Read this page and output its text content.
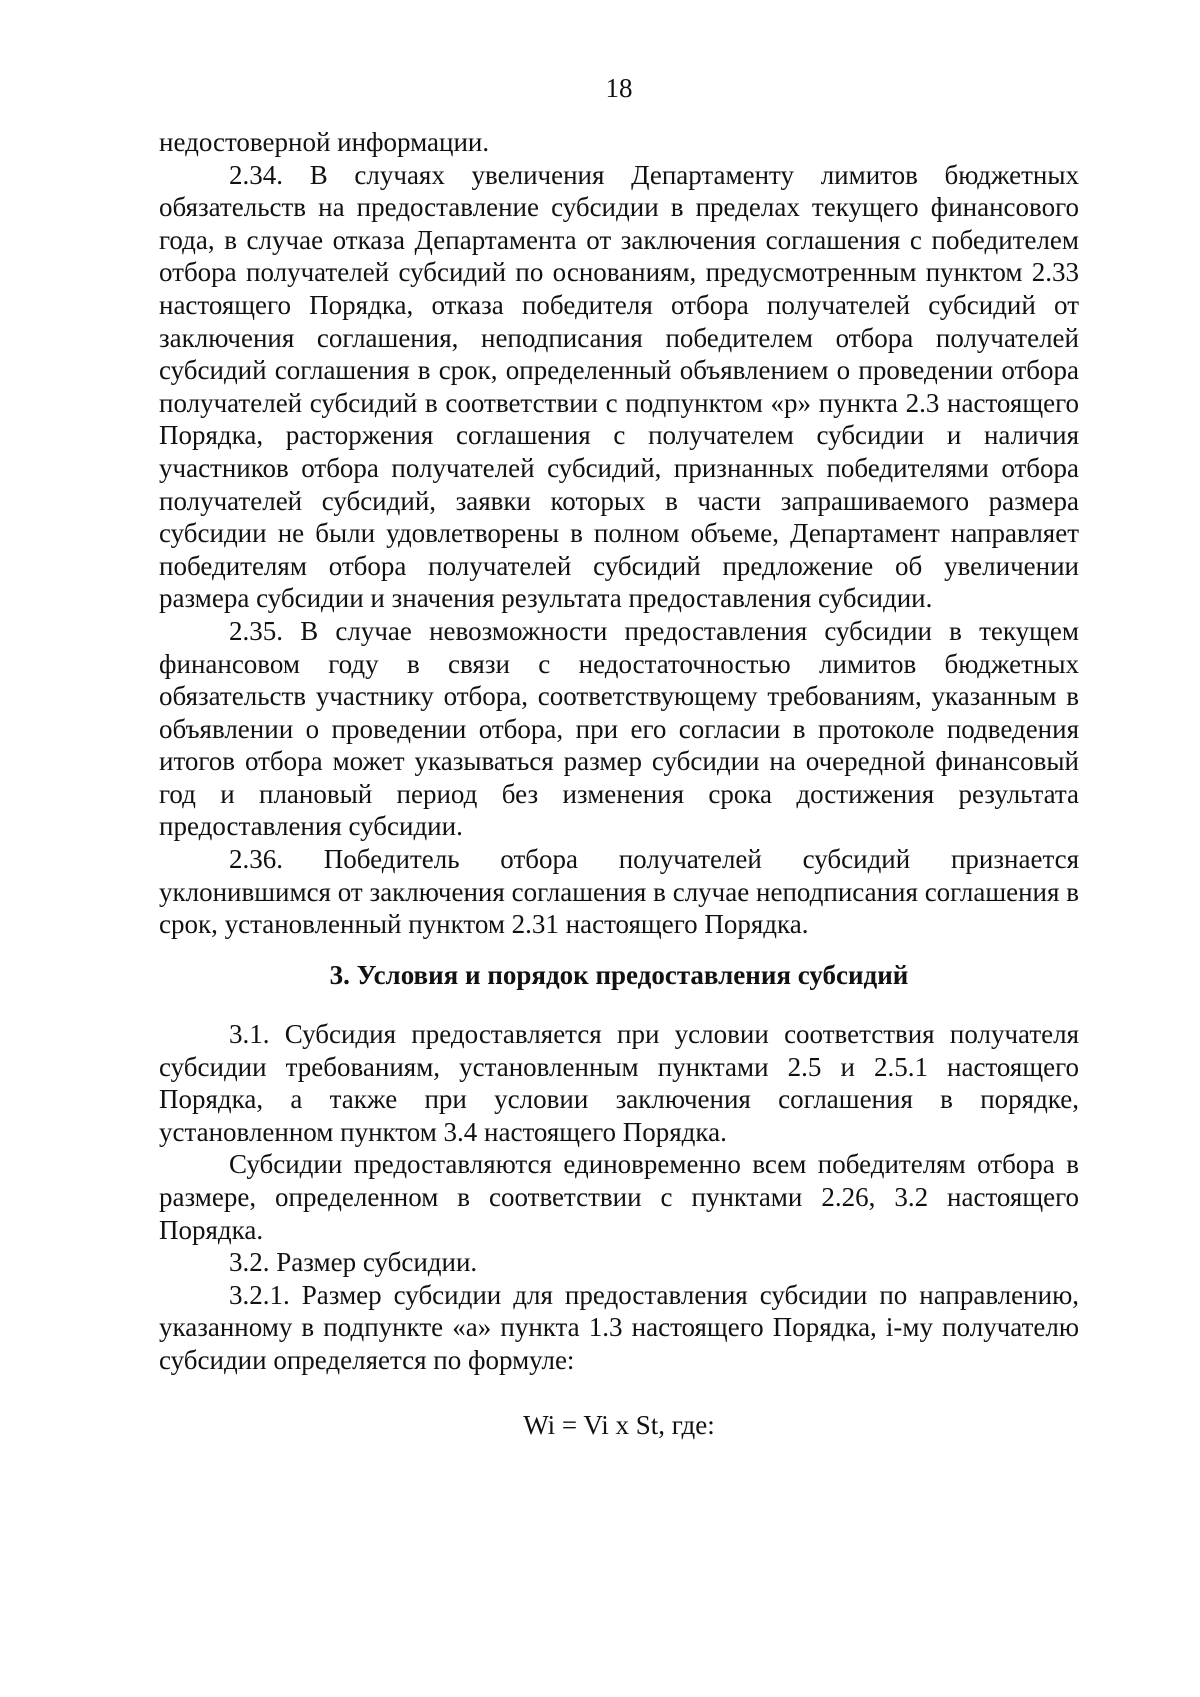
18

недостоверной информации.

2.34. В случаях увеличения Департаменту лимитов бюджетных обязательств на предоставление субсидии в пределах текущего финансового года, в случае отказа Департамента от заключения соглашения с победителем отбора получателей субсидий по основаниям, предусмотренным пунктом 2.33 настоящего Порядка, отказа победителя отбора получателей субсидий от заключения соглашения, неподписания победителем отбора получателей субсидий соглашения в срок, определенный объявлением о проведении отбора получателей субсидий в соответствии с подпунктом «р» пункта 2.3 настоящего Порядка, расторжения соглашения с получателем субсидии и наличия участников отбора получателей субсидий, признанных победителями отбора получателей субсидий, заявки которых в части запрашиваемого размера субсидии не были удовлетворены в полном объеме, Департамент направляет победителям отбора получателей субсидий предложение об увеличении размера субсидии и значения результата предоставления субсидии.

2.35. В случае невозможности предоставления субсидии в текущем финансовом году в связи с недостаточностью лимитов бюджетных обязательств участнику отбора, соответствующему требованиям, указанным в объявлении о проведении отбора, при его согласии в протоколе подведения итогов отбора может указываться размер субсидии на очередной финансовый год и плановый период без изменения срока достижения результата предоставления субсидии.

2.36. Победитель отбора получателей субсидий признается уклонившимся от заключения соглашения в случае неподписания соглашения в срок, установленный пунктом 2.31 настоящего Порядка.

3. Условия и порядок предоставления субсидий

3.1. Субсидия предоставляется при условии соответствия получателя субсидии требованиям, установленным пунктами 2.5 и 2.5.1 настоящего Порядка, а также при условии заключения соглашения в порядке, установленном пунктом 3.4 настоящего Порядка.

Субсидии предоставляются единовременно всем победителям отбора в размере, определенном в соответствии с пунктами 2.26, 3.2 настоящего Порядка.

3.2. Размер субсидии.

3.2.1. Размер субсидии для предоставления субсидии по направлению, указанному в подпункте «а» пункта 1.3 настоящего Порядка, i-му получателю субсидии определяется по формуле:

Wi = Vi x St, где:
